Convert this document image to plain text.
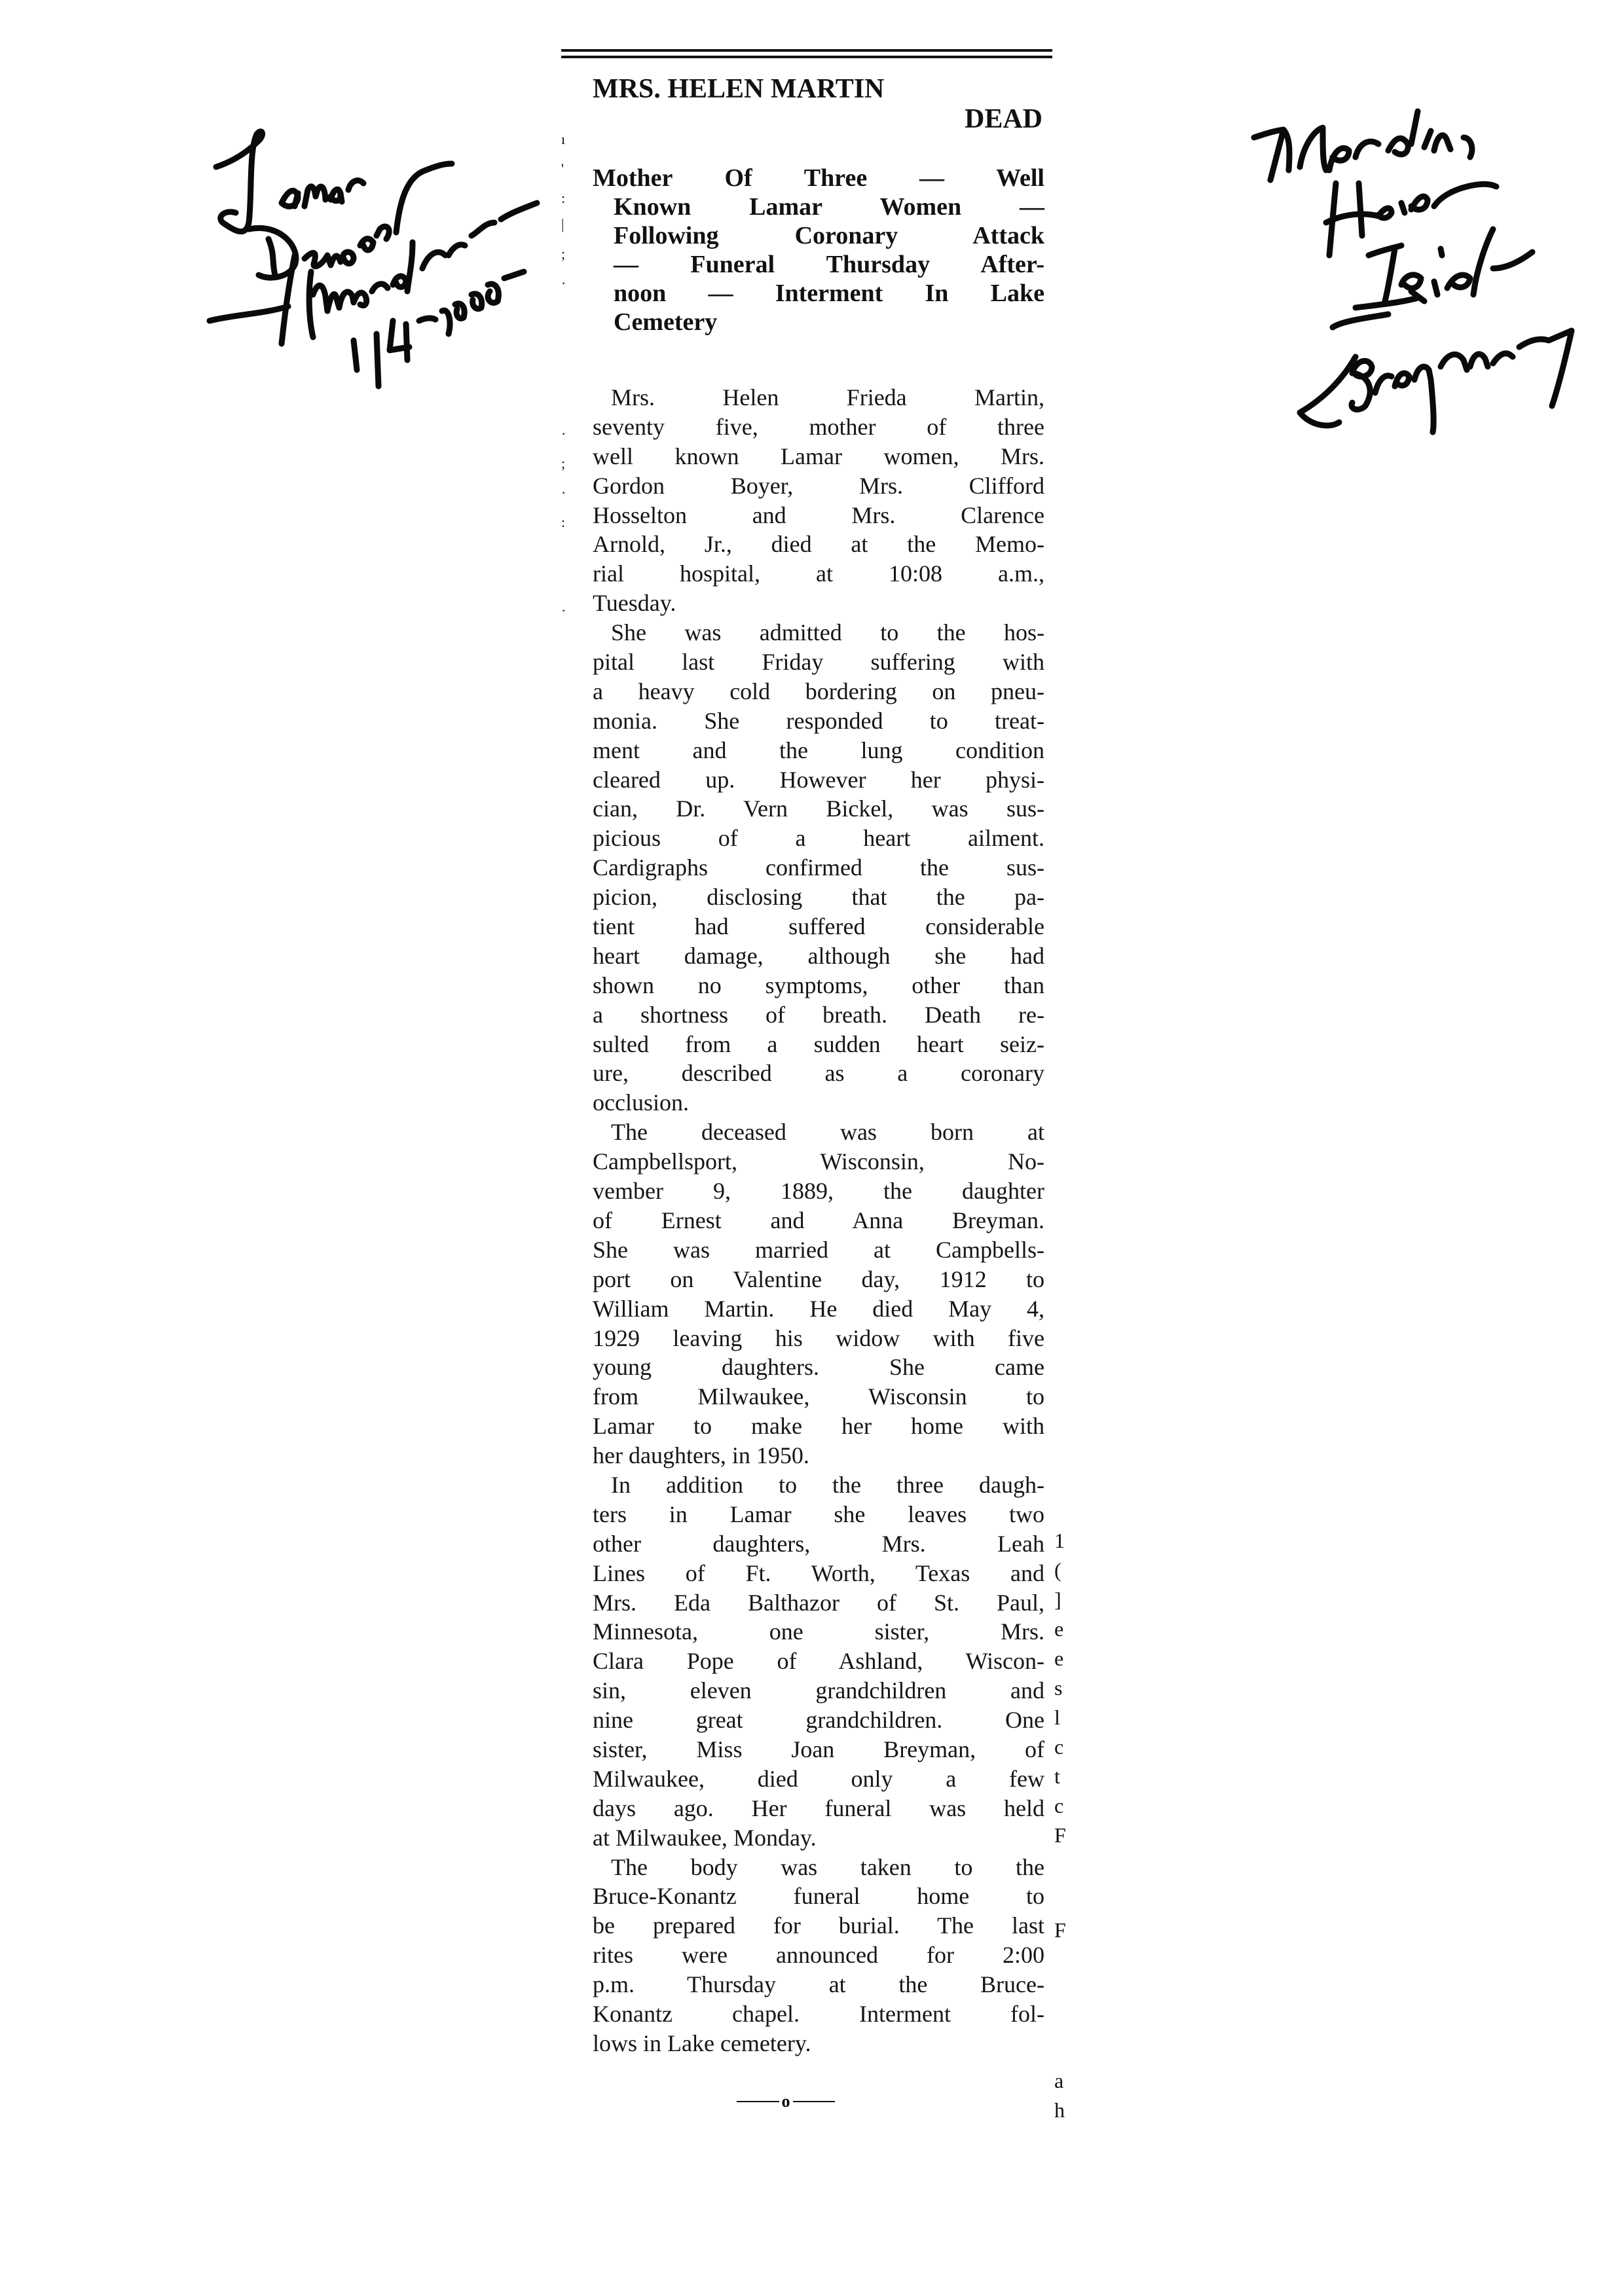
MRS. HELEN MARTIN
DEAD
Mother Of Three — Well
Known Lamar Women —
Following Coronary Attack
— Funeral Thursday After-
noon — Interment In Lake
Cemetery
Mrs. Helen Frieda Martin,
seventy five, mother of three
well known Lamar women, Mrs.
Gordon Boyer, Mrs. Clifford
Hosselton and Mrs. Clarence
Arnold, Jr., died at the Memo-
rial hospital, at 10:08 a.m.,
Tuesday.
She was admitted to the hos-
pital last Friday suffering with
a heavy cold bordering on pneu-
monia. She responded to treat-
ment and the lung condition
cleared up. However her physi-
cian, Dr. Vern Bickel, was sus-
picious of a heart ailment.
Cardigraphs confirmed the sus-
picion, disclosing that the pa-
tient had suffered considerable
heart damage, although she had
shown no symptoms, other than
a shortness of breath. Death re-
sulted from a sudden heart seiz-
ure, described as a coronary
occlusion.
The deceased was born at
Campbellsport, Wisconsin, No-
vember 9, 1889, the daughter
of Ernest and Anna Breyman.
She was married at Campbells-
port on Valentine day, 1912 to
William Martin. He died May 4,
1929 leaving his widow with five
young daughters. She came
from Milwaukee, Wisconsin to
Lamar to make her home with
her daughters, in 1950.
In addition to the three daugh-
ters in Lamar she leaves two
other daughters, Mrs. Leah
Lines of Ft. Worth, Texas and
Mrs. Eda Balthazor of St. Paul,
Minnesota, one sister, Mrs.
Clara Pope of Ashland, Wiscon-
sin, eleven grandchildren and
nine great grandchildren. One
sister, Miss Joan Breyman, of
Milwaukee, died only a few
days ago. Her funeral was held
at Milwaukee, Monday.
The body was taken to the
Bruce-Konantz funeral home to
be prepared for burial. The last
rites were announced for 2:00
p.m. Thursday at the Bruce-
Konantz chapel. Interment fol-
lows in Lake cemetery.
o
ı
'
:
|
;
·
·
;
·
:
·
1
(
]
e
e
s
l
c
t
c
F
F
a
h
